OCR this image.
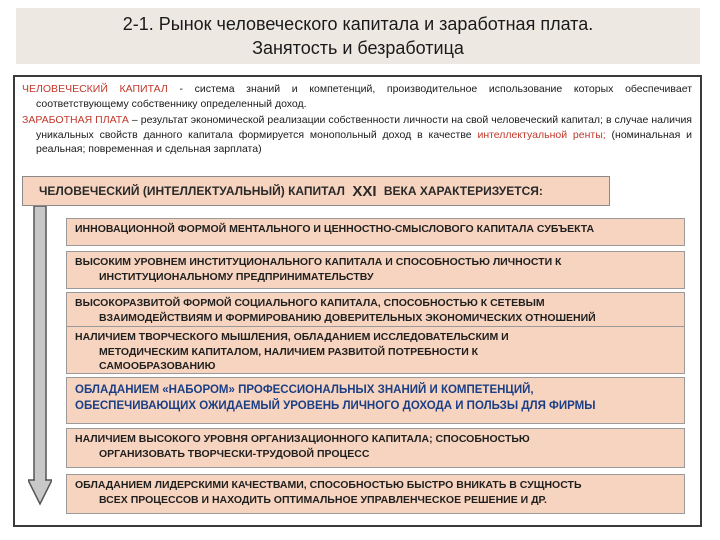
2-1. Рынок человеческого капитала и заработная плата.
Занятость и безработица

ЧЕЛОВЕЧЕСКИЙ КАПИТАЛ - система знаний и компетенций, производительное использование которых обеспечивает соответствующему собственнику определенный доход.

ЗАРАБОТНАЯ ПЛАТА – результат экономической реализации собственности личности на свой человеческий капитал; в случае наличия уникальных свойств данного капитала формируется монопольный доход в качестве интеллектуальной ренты; (номинальная и реальная; повременная и сдельная зарплата)

ЧЕЛОВЕЧЕСКИЙ (ИНТЕЛЛЕКТУАЛЬНЫЙ) КАПИТАЛ
XXI
ВЕКА ХАРАКТЕРИЗУЕТСЯ:
ИННОВАЦИОННОЙ ФОРМОЙ МЕНТАЛЬНОГО И ЦЕННОСТНО-СМЫСЛОВОГО КАПИТАЛА СУБЪЕКТА
ВЫСОКИМ УРОВНЕМ ИНСТИТУЦИОНАЛЬНОГО КАПИТАЛА И СПОСОБНОСТЬЮ ЛИЧНОСТИ К
ИНСТИТУЦИОНАЛЬНОМУ ПРЕДПРИНИМАТЕЛЬСТВУ
ВЫСОКОРАЗВИТОЙ ФОРМОЙ СОЦИАЛЬНОГО КАПИТАЛА, СПОСОБНОСТЬЮ К СЕТЕВЫМ
ВЗАИМОДЕЙСТВИЯМ И ФОРМИРОВАНИЮ ДОВЕРИТЕЛЬНЫХ ЭКОНОМИЧЕСКИХ ОТНОШЕНИЙ
НАЛИЧИЕМ ТВОРЧЕСКОГО МЫШЛЕНИЯ, ОБЛАДАНИЕМ ИССЛЕДОВАТЕЛЬСКИМ И
МЕТОДИЧЕСКИМ КАПИТАЛОМ, НАЛИЧИЕМ РАЗВИТОЙ ПОТРЕБНОСТИ К
САМООБРАЗОВАНИЮ
ОБЛАДАНИЕМ «НАБОРОМ» ПРОФЕССИОНАЛЬНЫХ ЗНАНИЙ И КОМПЕТЕНЦИЙ,
ОБЕСПЕЧИВАЮЩИХ ОЖИДАЕМЫЙ УРОВЕНЬ ЛИЧНОГО ДОХОДА И ПОЛЬЗЫ ДЛЯ ФИРМЫ
НАЛИЧИЕМ ВЫСОКОГО УРОВНЯ ОРГАНИЗАЦИОННОГО КАПИТАЛА; СПОСОБНОСТЬЮ
ОРГАНИЗОВАТЬ ТВОРЧЕСКИ-ТРУДОВОЙ ПРОЦЕСС
ОБЛАДАНИЕМ ЛИДЕРСКИМИ КАЧЕСТВАМИ, СПОСОБНОСТЬЮ БЫСТРО ВНИКАТЬ В СУЩНОСТЬ
ВСЕХ ПРОЦЕССОВ И НАХОДИТЬ ОПТИМАЛЬНОЕ УПРАВЛЕНЧЕСКОЕ РЕШЕНИЕ И ДР.
